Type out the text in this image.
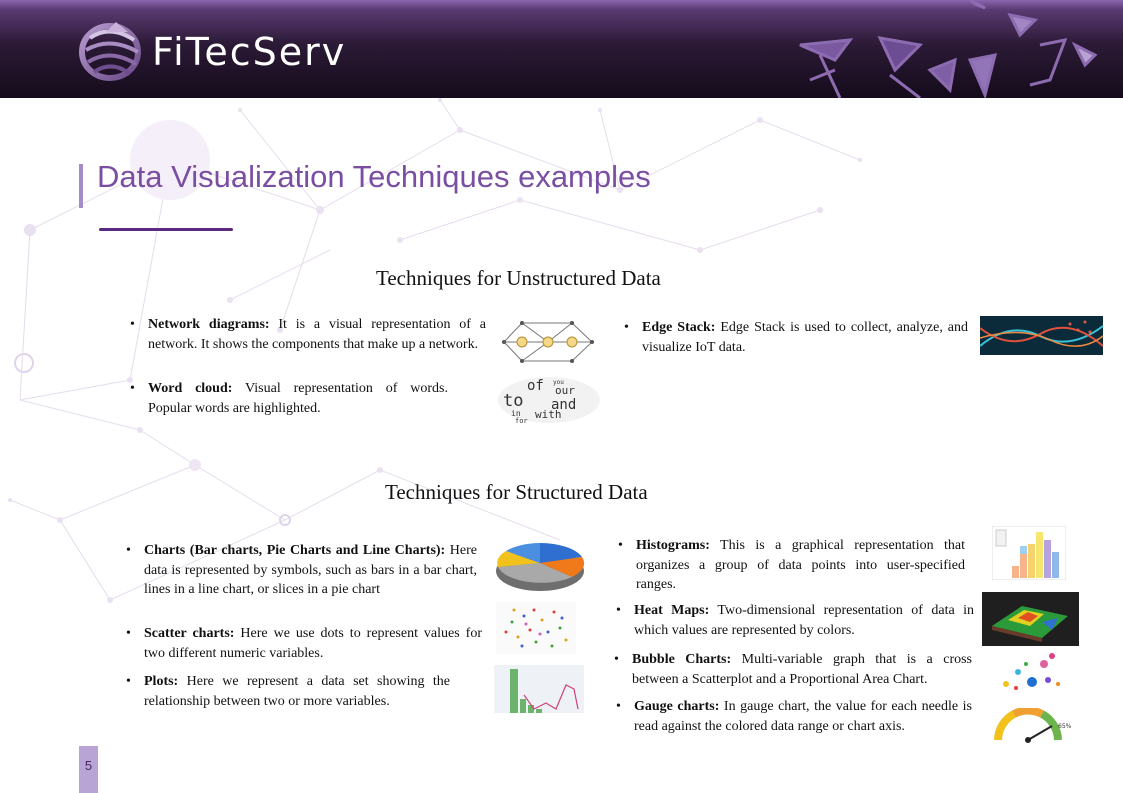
FiTecServ
Data Visualization Techniques examples
Techniques for Unstructured Data
• Network diagrams: It is a visual representation of a network. It shows the components that make up a network.
• Word cloud: Visual representation of words. Popular words are highlighted.
• Edge Stack: Edge Stack is used to collect, analyze, and visualize IoT data.
of our
to and
with
in
for
you
Techniques for Structured Data
• Charts (Bar charts, Pie Charts and Line Charts): Here data is represented by symbols, such as bars in a bar chart, lines in a line chart, or slices in a pie chart
• Scatter charts: Here we use dots to represent values for two different numeric variables.
• Plots: Here we represent a data set showing the relationship between two or more variables.
• Histograms: This is a graphical representation that organizes a group of data points into user-specified ranges.
• Heat Maps: Two-dimensional representation of data in which values are represented by colors.
• Bubble Charts: Multi-variable graph that is a cross between a Scatterplot and a Proportional Area Chart.
• Gauge charts: In gauge chart, the value for each needle is read against the colored data range or chart axis.	65%
5
